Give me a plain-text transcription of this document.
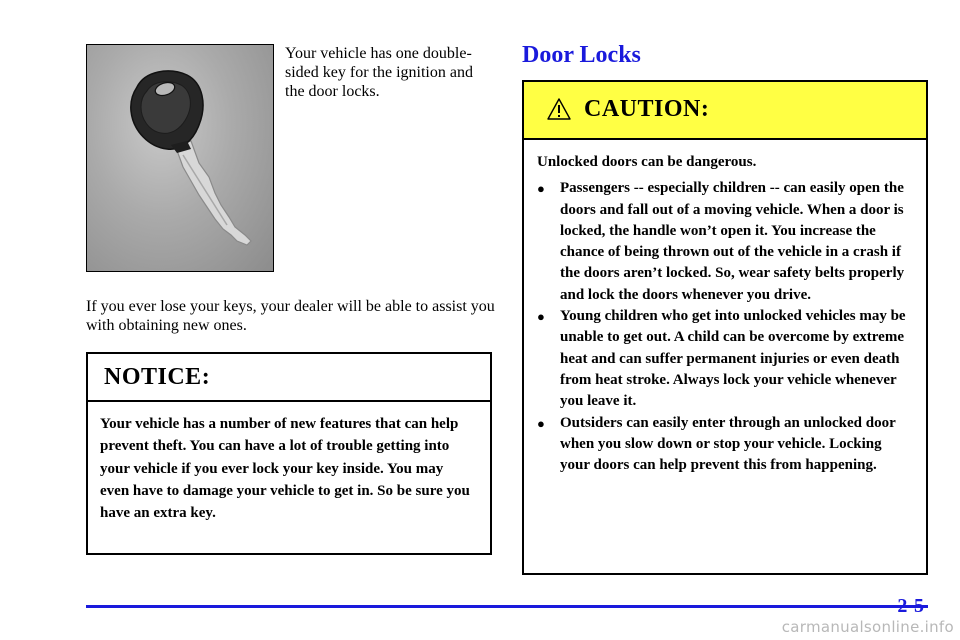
Your vehicle has one double-sided key for the ignition and the door locks.

If you ever lose your keys, your dealer will be able to assist you with obtaining new ones.

NOTICE:

Your vehicle has a number of new features that can help prevent theft. You can have a lot of trouble getting into your vehicle if you ever lock your key inside. You may even have to damage your vehicle to get in. So be sure you have an extra key.

Door Locks
CAUTION:

Unlocked doors can be dangerous.

● Passengers -- especially children -- can easily open the doors and fall out of a moving vehicle. When a door is locked, the handle won’t open it. You increase the chance of being thrown out of the vehicle in a crash if the doors aren’t locked. So, wear safety belts properly and lock the doors whenever you drive.
● Young children who get into unlocked vehicles may be unable to get out. A child can be overcome by extreme heat and can suffer permanent injuries or even death from heat stroke. Always lock your vehicle whenever you leave it.
● Outsiders can easily enter through an unlocked door when you slow down or stop your vehicle. Locking your doors can help prevent this from happening.
2-5
carmanualsonline.info
